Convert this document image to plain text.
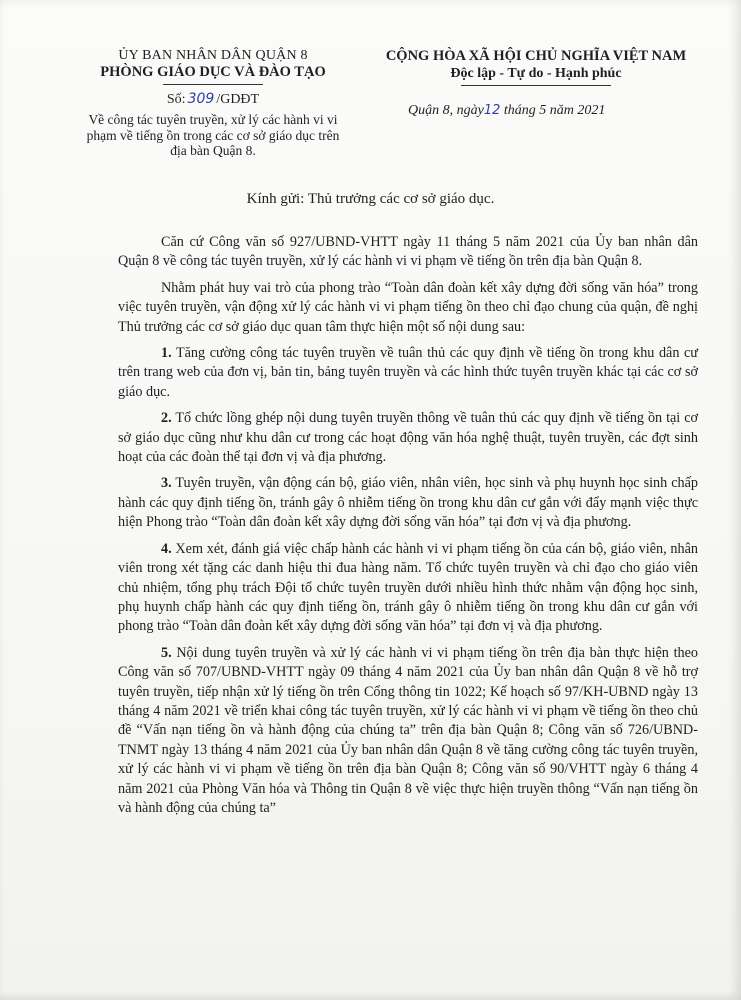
ỦY BAN NHÂN DÂN QUẬN 8
PHÒNG GIÁO DỤC VÀ ĐÀO TẠO
Số: 309 /GDĐT
Về công tác tuyên truyền, xử lý các hành vi vi phạm về tiếng ồn trong các cơ sở giáo dục trên địa bàn Quận 8.
CỘNG HÒA XÃ HỘI CHỦ NGHĨA VIỆT NAM
Độc lập - Tự do - Hạnh phúc
Quận 8, ngày12 tháng 5 năm 2021
Kính gửi: Thủ trưởng các cơ sở giáo dục.

Căn cứ Công văn số 927/UBND-VHTT ngày 11 tháng 5 năm 2021 của Ủy ban nhân dân Quận 8 về công tác tuyên truyền, xử lý các hành vi vi phạm về tiếng ồn trên địa bàn Quận 8.

Nhằm phát huy vai trò của phong trào “Toàn dân đoàn kết xây dựng đời sống văn hóa” trong việc tuyên truyền, vận động xử lý các hành vi vi phạm tiếng ồn theo chỉ đạo chung của quận, đề nghị Thủ trưởng các cơ sở giáo dục quan tâm thực hiện một số nội dung sau:

1. Tăng cường công tác tuyên truyền về tuân thủ các quy định về tiếng ồn trong khu dân cư trên trang web của đơn vị, bản tin, bảng tuyên truyền và các hình thức tuyên truyền khác tại các cơ sở giáo dục.

2. Tổ chức lồng ghép nội dung tuyên truyền thông về tuân thủ các quy định về tiếng ồn tại cơ sở giáo dục cũng như khu dân cư trong các hoạt động văn hóa nghệ thuật, tuyên truyền, các đợt sinh hoạt của các đoàn thể tại đơn vị và địa phương.

3. Tuyên truyền, vận động cán bộ, giáo viên, nhân viên, học sinh và phụ huynh học sinh chấp hành các quy định tiếng ồn, tránh gây ô nhiễm tiếng ồn trong khu dân cư gắn với đẩy mạnh việc thực hiện Phong trào “Toàn dân đoàn kết xây dựng đời sống văn hóa” tại đơn vị và địa phương.

4. Xem xét, đánh giá việc chấp hành các hành vi vi phạm tiếng ồn của cán bộ, giáo viên, nhân viên trong xét tặng các danh hiệu thi đua hàng năm. Tổ chức tuyên truyền và chỉ đạo cho giáo viên chủ nhiệm, tổng phụ trách Đội tổ chức tuyên truyền dưới nhiều hình thức nhằm vận động học sinh, phụ huynh chấp hành các quy định tiếng ồn, tránh gây ô nhiễm tiếng ồn trong khu dân cư gắn với phong trào “Toàn dân đoàn kết xây dựng đời sống văn hóa” tại đơn vị và địa phương.

5. Nội dung tuyên truyền và xử lý các hành vi vi phạm tiếng ồn trên địa bàn thực hiện theo Công văn số 707/UBND-VHTT ngày 09 tháng 4 năm 2021 của Ủy ban nhân dân Quận 8 về hỗ trợ tuyên truyền, tiếp nhận xử lý tiếng ồn trên Cổng thông tin 1022; Kế hoạch số 97/KH-UBND ngày 13 tháng 4 năm 2021 về triển khai công tác tuyên truyền, xử lý các hành vi vi phạm về tiếng ồn theo chủ đề “Vấn nạn tiếng ồn và hành động của chúng ta” trên địa bàn Quận 8; Công văn số 726/UBND-TNMT ngày 13 tháng 4 năm 2021 của Ủy ban nhân dân Quận 8 về tăng cường công tác tuyên truyền, xử lý các hành vi vi phạm về tiếng ồn trên địa bàn Quận 8; Công văn số 90/VHTT ngày 6 tháng 4 năm 2021 của Phòng Văn hóa và Thông tin Quận 8 về việc thực hiện truyền thông “Vấn nạn tiếng ồn và hành động của chúng ta”
